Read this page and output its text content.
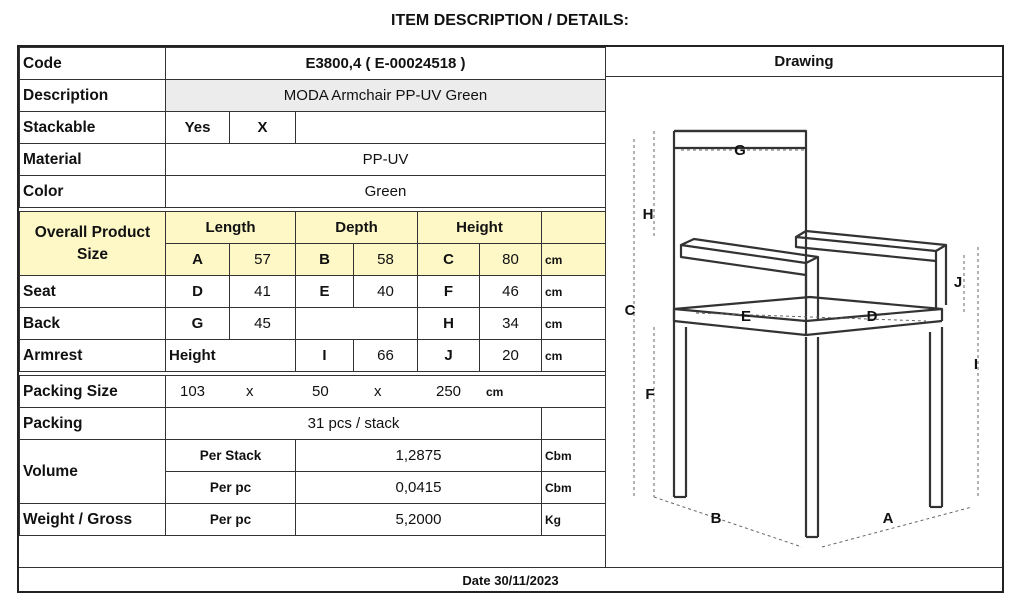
ITEM DESCRIPTION / DETAILS:
Code	E3800,4 ( E-00024518 )						
Description	MODA Armchair PP-UV Green						
Stackable	Yes	X					
Material	PP-UV						
Color	Green						

Overall Product Size	Length		Depth		Height		
	A	57	B	58	C	80	cm
Seat	D	41	E	40	F	46	cm
Back	G	45			H	34	cm
Armrest	Height		I	66	J	20	cm

Packing Size	103 x 50 x 250 cm						
Packing	31 pcs / stack						
Volume	Per Stack		1,2875				Cbm
	Per pc		0,0415				Cbm
Weight / Gross	Per pc		5,2000				Kg
Drawing
G
H
C
F
E	D
J
I
B	A
Date 30/11/2023
